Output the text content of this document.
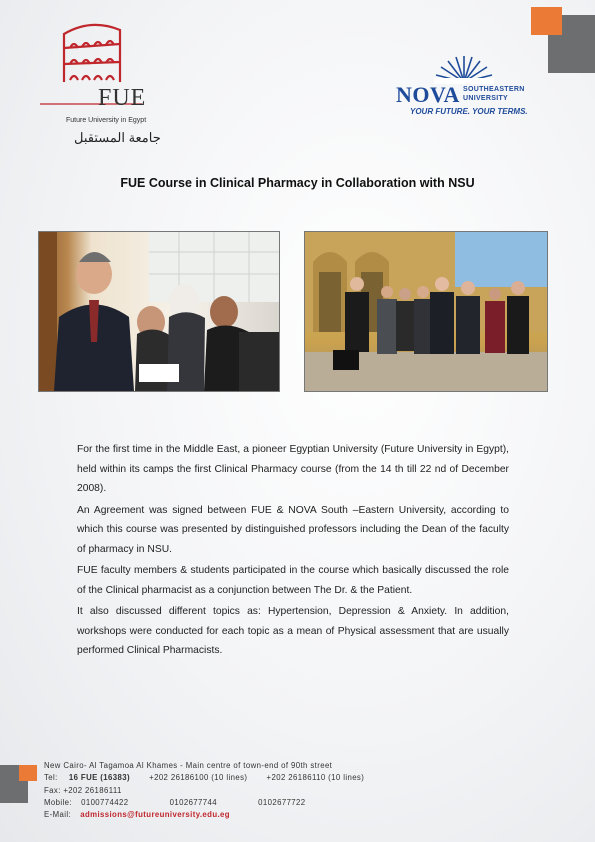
FUE
Future University in Egypt
جامعة المستقبل
NOVA SOUTHEASTERN
UNIVERSITY
YOUR FUTURE. YOUR TERMS.
FUE Course in Clinical Pharmacy in Collaboration with NSU

For the first time in the Middle East, a pioneer Egyptian University (Future University in Egypt), held within its camps the first Clinical Pharmacy course (from the 14 th till 22 nd of December 2008).

An Agreement was signed between FUE & NOVA South –Eastern University, according to which this course was presented by distinguished professors including the Dean of the faculty of pharmacy in NSU.

FUE faculty members & students participated in the course which basically discussed the role of the Clinical pharmacist as a conjunction between The Dr. & the Patient.

It also discussed different topics as: Hypertension, Depression & Anxiety. In addition, workshops were conducted for each topic as a mean of Physical assessment that are usually performed Clinical Pharmacists.

New Cairo- Al Tagamoa Al Khames - Main centre of town-end of 90th street
Tel: 16 FUE (16383) +202 26186100 (10 lines) +202 26186110 (10 lines)
Fax: +202 26186111
Mobile: 0100774422	0102677744	0102677722
E-Mail: admissions@futureuniversity.edu.eg
